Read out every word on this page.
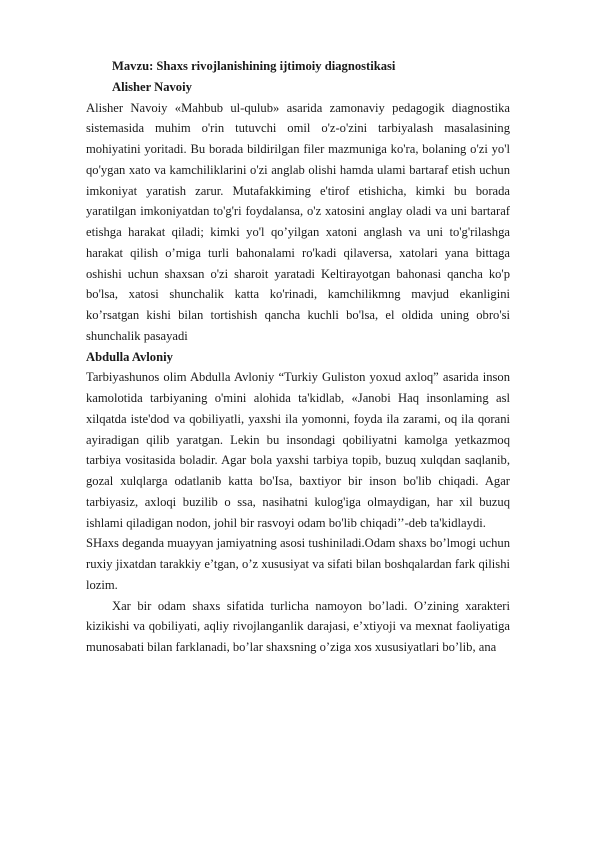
Mavzu: Shaxs rivojlanishining ijtimoiy diagnostikasi

Alisher Navoiy

Alisher Navoiy «Mahbub ul-qulub» asarida zamonaviy pedagogik diagnostika sistemasida muhim o'rin tutuvchi omil o'z-o'zini tarbiyalash masalasining mohiyatini yoritadi. Bu borada bildirilgan filer mazmuniga ko'ra, bolaning o'zi yo'l qo'ygan xato va kamchiliklarini o'zi anglab olishi hamda ulami bartaraf etish uchun imkoniyat yaratish zarur. Mutafakkiming e'tirof etishicha, kimki bu borada yaratilgan imkoniyatdan to'g'ri foydalansa, o'z xatosini anglay oladi va uni bartaraf etishga harakat qiladi; kimki yo'l qo’yilgan xatoni anglash va uni to'g'rilashga harakat qilish o’miga turli bahonalami ro'kadi qilaversa, xatolari yana bittaga oshishi uchun shaxsan o'zi sharoit yaratadi Keltirayotgan bahonasi qancha ko'p bo'lsa, xatosi shunchalik katta ko'rinadi, kamchilikmng mavjud ekanligini ko’rsatgan kishi bilan tortishish qancha kuchli bo'lsa, el oldida uning obro'si shunchalik pasayadi

Abdulla Avloniy

Tarbiyashunos olim Abdulla Avloniy “Turkiy Guliston yoxud axloq” asarida inson kamolotida tarbiyaning o'mini alohida ta'kidlab, «Janobi Haq insonlaming asl xilqatda iste'dod va qobiliyatli, yaxshi ila yomonni, foyda ila zarami, oq ila qorani ayiradigan qilib yaratgan. Lekin bu insondagi qobiliyatni kamolga yetkazmoq tarbiya vositasida boladir. Agar bola yaxshi tarbiya topib, buzuq xulqdan saqlanib, gozal xulqlarga odatlanib katta bo'Isa, baxtiyor bir inson bo'lib chiqadi. Agar tarbiyasiz, axloqi buzilib o ssa, nasihatni kulog'iga olmaydigan, har xil buzuq ishlami qiladigan nodon, johil bir rasvoyi odam bo'lib chiqadi’’-deb ta'kidlaydi.

SHaxs deganda muayyan jamiyatning asosi tushiniladi.Odam shaxs bo’lmogi uchun ruxiy jixatdan tarakkiy e’tgan, o’z xususiyat va sifati bilan boshqalardan fark qilishi lozim.

Xar bir odam shaxs sifatida turlicha namoyon bo’ladi. O’zining xarakteri kizikishi va qobiliyati, aqliy rivojlanganlik darajasi, e’xtiyoji va mexnat faoliyatiga munosabati bilan farklanadi, bo’lar shaxsning o’ziga xos xususiyatlari bo’lib, ana
